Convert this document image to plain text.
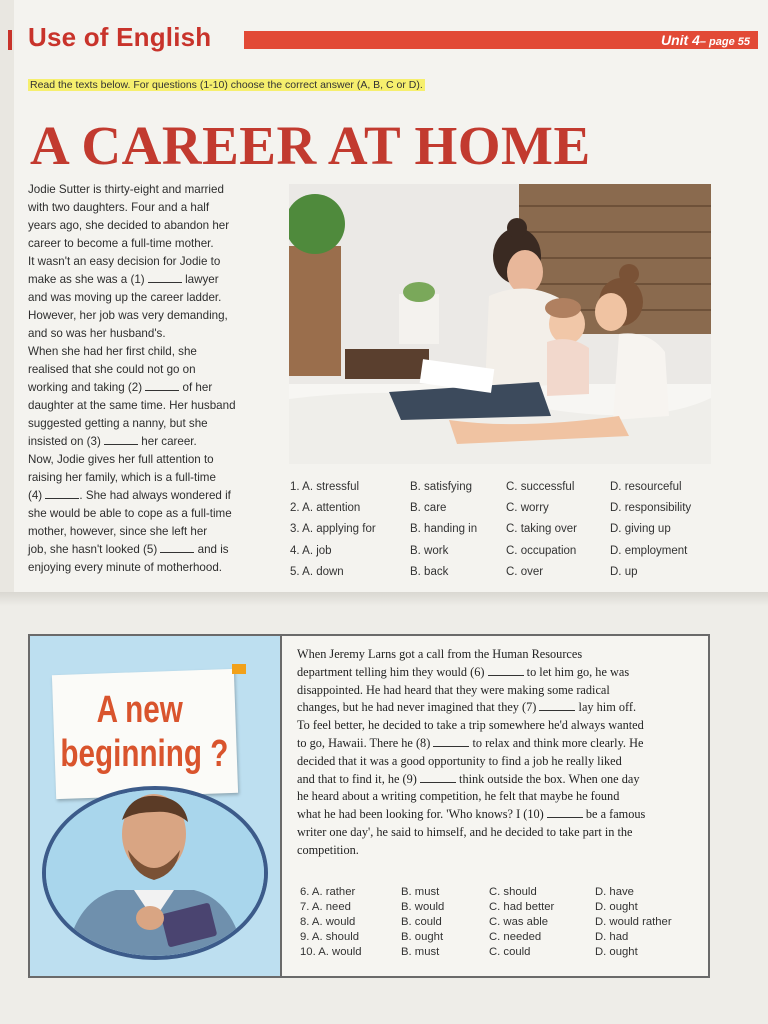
Use of English	Unit 4– page 55
Read the texts below. For questions (1-10) choose the correct answer (A, B, C or D).
A CAREER AT HOME
Jodie Sutter is thirty-eight and married
with two daughters. Four and a half
years ago, she decided to abandon her
career to become a full-time mother.
It wasn't an easy decision for Jodie to
make as she was a (1)	lawyer
and was moving up the career ladder.
However, her job was very demanding,
and so was her husband's.
When she had her first child, she
realised that she could not go on
working and taking (2)	of her
daughter at the same time. Her husband
suggested getting a nanny, but she
insisted on (3)	her career.
Now, Jodie gives her full attention to
raising her family, which is a full-time
(4)	. She had always wondered if
she would be able to cope as a full-time
mother, however, since she left her
job, she hasn't looked (5)	and is
enjoying every minute of motherhood.
1. A. stressful	B. satisfying	C. successful	D. resourceful
2. A. attention	B. care	C. worry	D. responsibility
3. A. applying for	B. handing in	C. taking over	D. giving up
4. A. job	B. work	C. occupation	D. employment
5. A. down	B. back	C. over	D. up
A new

beginning ?
When Jeremy Larns got a call from the Human Resources
department telling him they would (6)	to let him go, he was
disappointed. He had heard that they were making some radical
changes, but he had never imagined that they (7)	lay him off.
To feel better, he decided to take a trip somewhere he'd always wanted
to go, Hawaii. There he (8)	to relax and think more clearly. He
decided that it was a good opportunity to find a job he really liked
and that to find it, he (9)	think outside the box. When one day
he heard about a writing competition, he felt that maybe he found
what he had been looking for. 'Who knows? I (10)	be a famous
writer one day', he said to himself, and he decided to take part in the
competition.
6. A. rather	B. must	C. should	D. have
7. A. need	B. would	C. had better	D. ought
8. A. would	B. could	C. was able	D. would rather
9. A. should	B. ought	C. needed	D. had
10. A. would	B. must	C. could	D. ought
